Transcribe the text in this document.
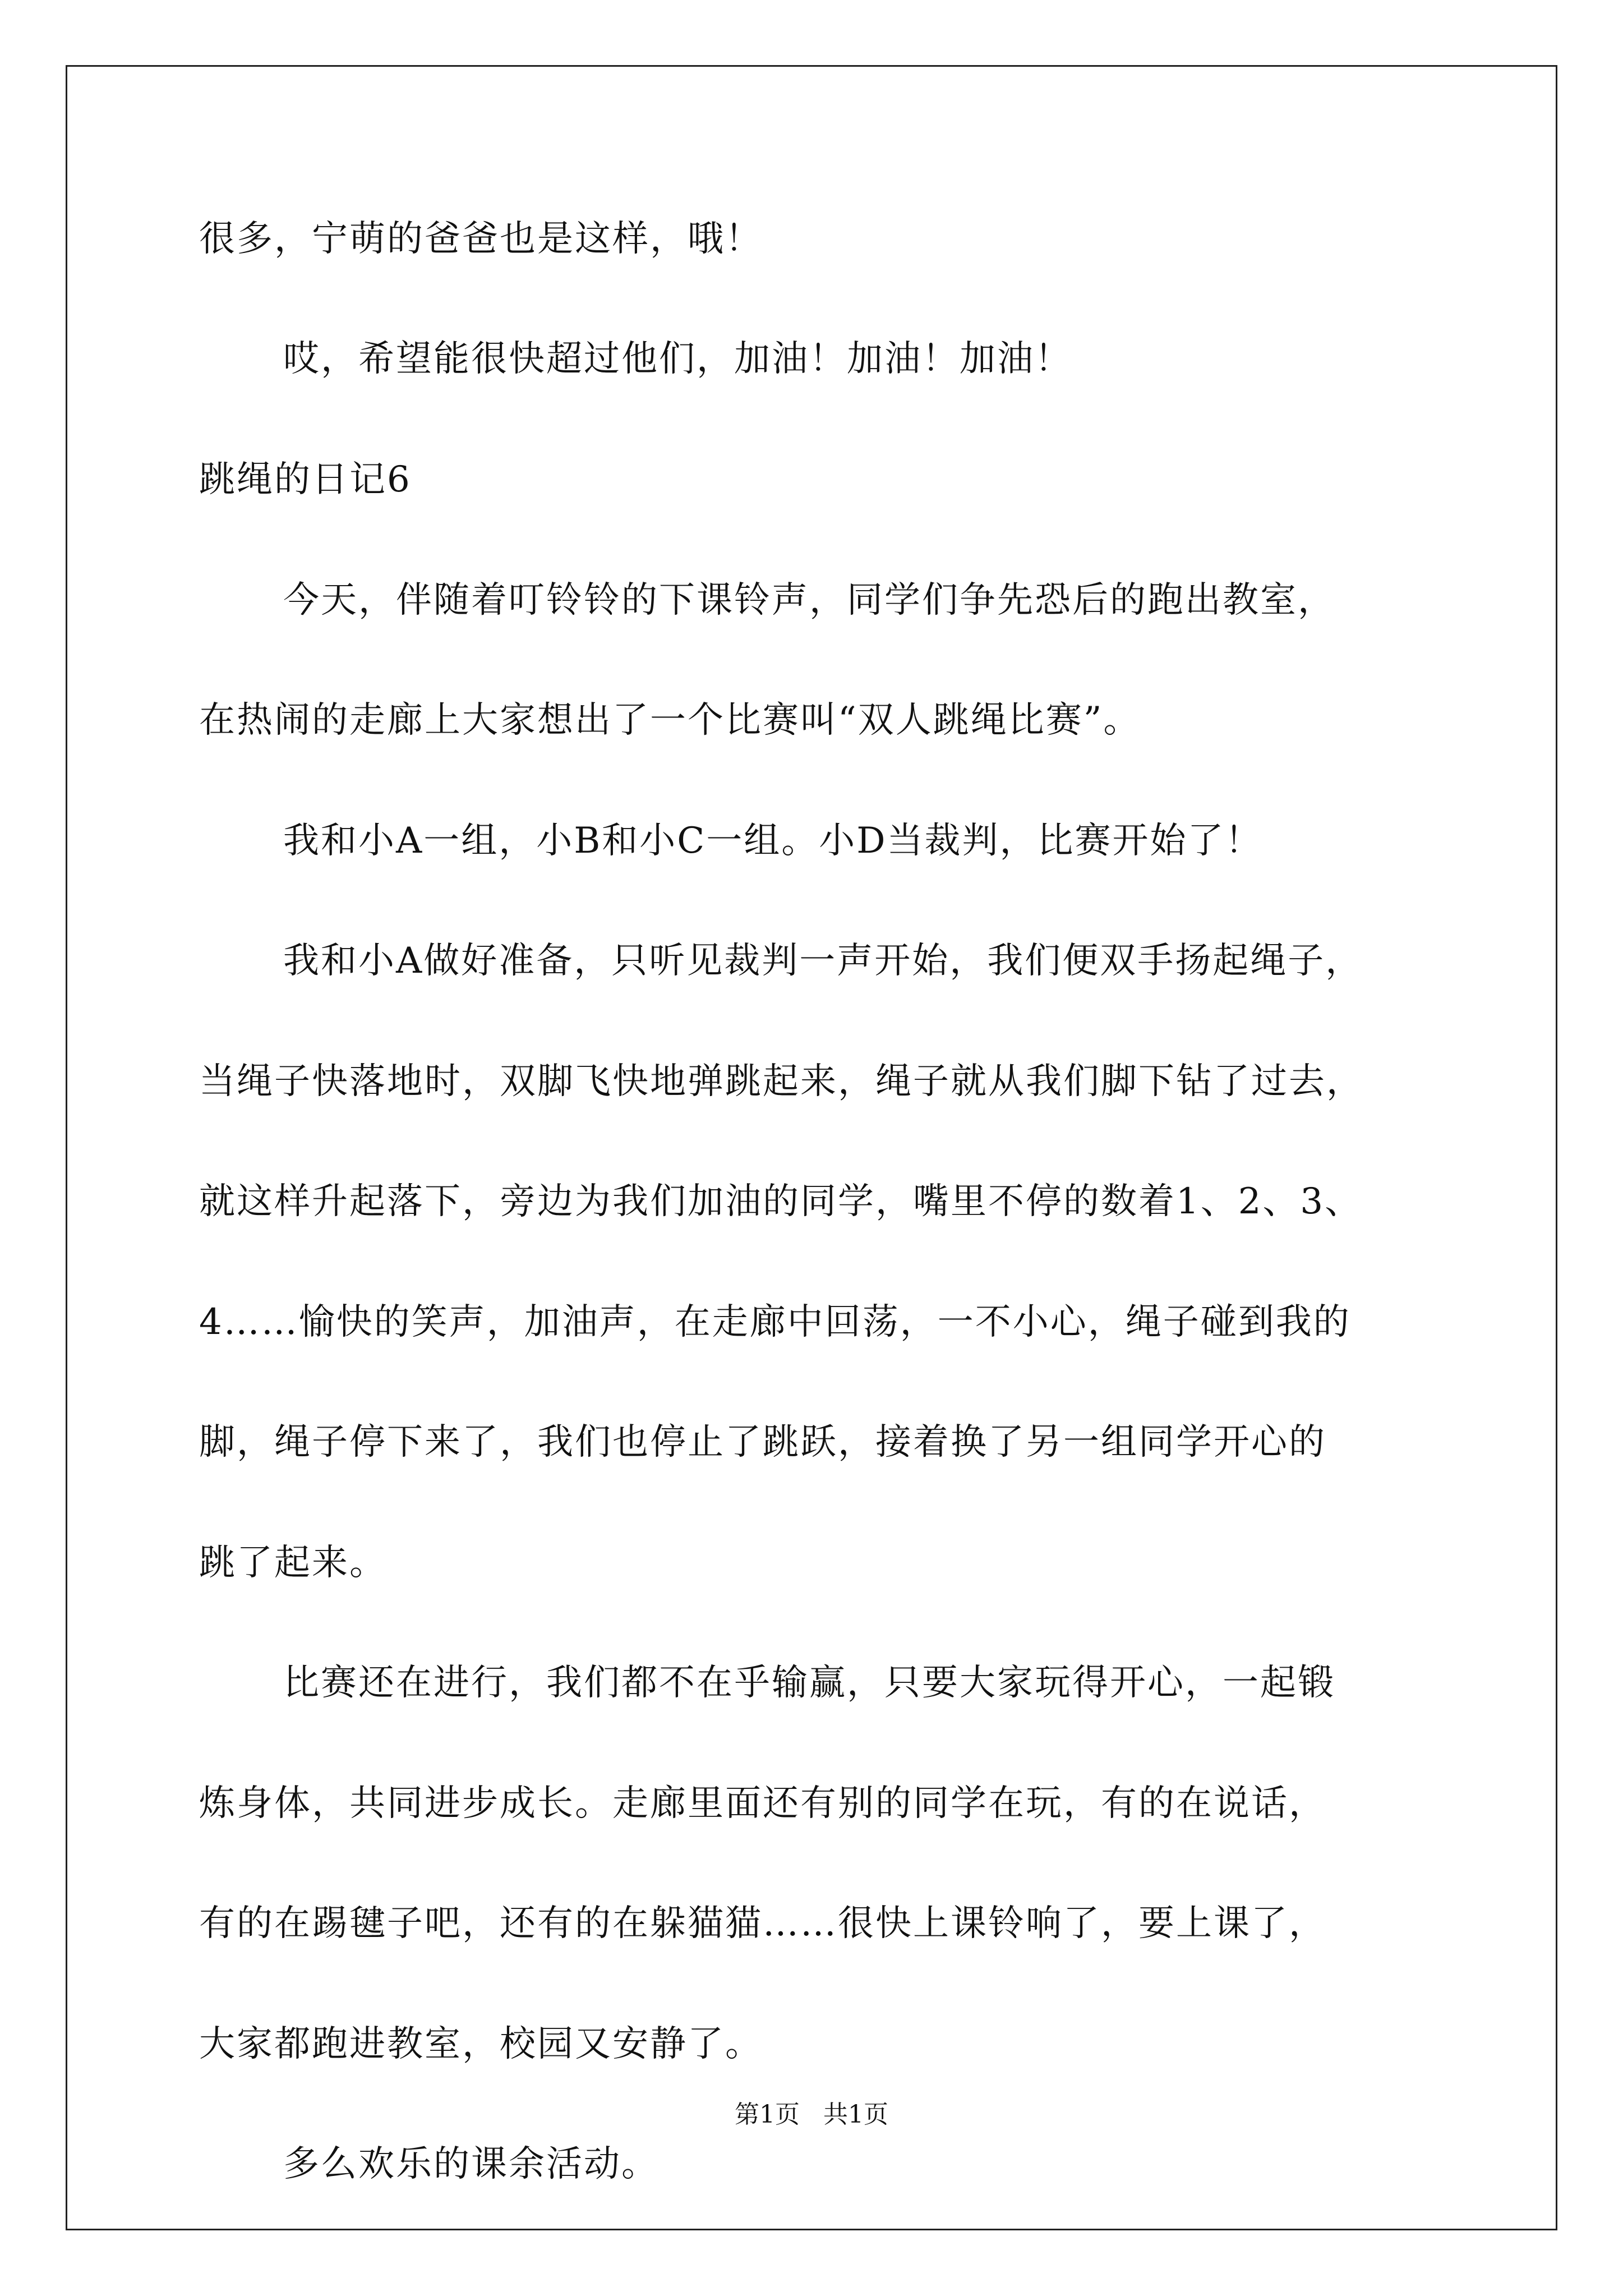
很多，宁萌的爸爸也是这样，哦！
哎，希望能很快超过他们，加油！加油！加油！
跳绳的日记6
今天，伴随着叮铃铃的下课铃声，同学们争先恐后的跑出教室，
在热闹的走廊上大家想出了一个比赛叫“双人跳绳比赛”。
我和小A一组，小B和小C一组。小D当裁判，比赛开始了！
我和小A做好准备，只听见裁判一声开始，我们便双手扬起绳子，
当绳子快落地时，双脚飞快地弹跳起来，绳子就从我们脚下钻了过去，
就这样升起落下，旁边为我们加油的同学，嘴里不停的数着1、2、3、
4……愉快的笑声，加油声，在走廊中回荡，一不小心，绳子碰到我的
脚，绳子停下来了，我们也停止了跳跃，接着换了另一组同学开心的
跳了起来。
比赛还在进行，我们都不在乎输赢，只要大家玩得开心，一起锻
炼身体，共同进步成长。走廊里面还有别的同学在玩，有的在说话，
有的在踢毽子吧，还有的在躲猫猫……很快上课铃响了，要上课了，
大家都跑进教室，校园又安静了。
多么欢乐的课余活动。
第1页   共1页
